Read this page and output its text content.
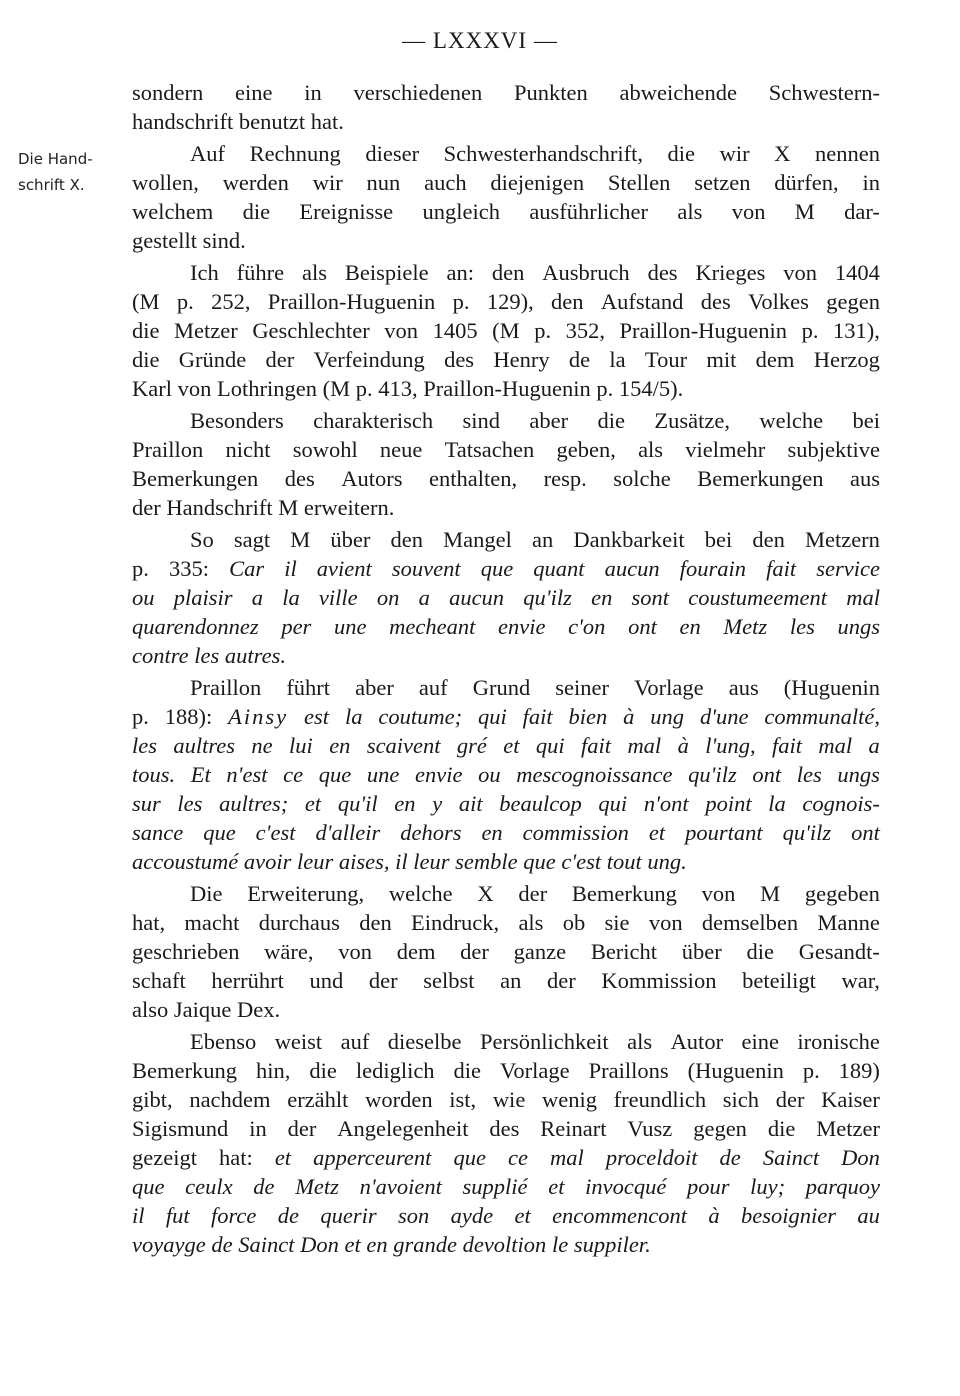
— LXXXVI —
Die Hand-
schrift X.
sondern eine in verschiedenen Punkten abweichende Schwestern-
handschrift
benutzt
hat.

Auf Rechnung dieser Schwesterhandschrift, die wir X nennen
wollen, werden wir nun auch diejenigen Stellen setzen dürfen, in
welchem die Ereignisse ungleich ausführlicher als von M dar-
gestellt
sind.

Ich führe als Beispiele an: den Ausbruch des Krieges von 1404
(M p. 252, Praillon-Huguenin p. 129), den Aufstand des Volkes gegen
die Metzer Geschlechter von 1405 (M p. 352, Praillon-Huguenin p. 131),
die Gründe der Verfeindung des Henry de la Tour mit dem Herzog
Karl
von
Lothringen
(M
p.
413,
Praillon-Huguenin
p.
154/5).

Besonders charakterisch sind aber die Zusätze, welche bei
Praillon nicht sowohl neue Tatsachen geben, als vielmehr subjektive
Bemerkungen des Autors enthalten, resp. solche Bemerkungen aus
der
Handschrift
M
erweitern.

So sagt M über den Mangel an Dankbarkeit bei den Metzern
p. 335: Car il avient souvent que quant aucun fourain fait service
ou plaisir a la ville on a aucun qu'ilz en sont coustumeement mal
quarendonnez per une mecheant envie c'on ont en Metz les ungs
contre
les
autres.

Praillon führt aber auf Grund seiner Vorlage aus (Huguenin
p. 188): Ainsy est la coutume; qui fait bien à ung d'une communalté,
les aultres ne lui en scaivent gré et qui fait mal à l'ung, fait mal a
tous. Et n'est ce que une envie ou mescognoissance qu'ilz ont les ungs
sur les aultres; et qu'il en y ait beaulcop qui n'ont point la cognois-
sance que c'est d'alleir dehors en commission et pourtant qu'ilz ont
accoustumé
avoir
leur
aises,
il
leur
semble
que
c'est
tout
ung.

Die Erweiterung, welche X der Bemerkung von M gegeben
hat, macht durchaus den Eindruck, als ob sie von demselben Manne
geschrieben wäre, von dem der ganze Bericht über die Gesandt-
schaft herrührt und der selbst an der Kommission beteiligt war,
also
Jaique
Dex.

Ebenso weist auf dieselbe Persönlichkeit als Autor eine ironische
Bemerkung hin, die lediglich die Vorlage Praillons (Huguenin p. 189)
gibt, nachdem erzählt worden ist, wie wenig freundlich sich der Kaiser
Sigismund in der Angelegenheit des Reinart Vusz gegen die Metzer
gezeigt hat: et apperceurent que ce mal proceldoit de Sainct Don
que ceulx de Metz n'avoient supplié et invocqué pour luy; parquoy
il fut force de querir son ayde et encommencont à besoignier au
voyayge
de
Sainct
Don
et
en
grande
devoltion
le
suppiler.
